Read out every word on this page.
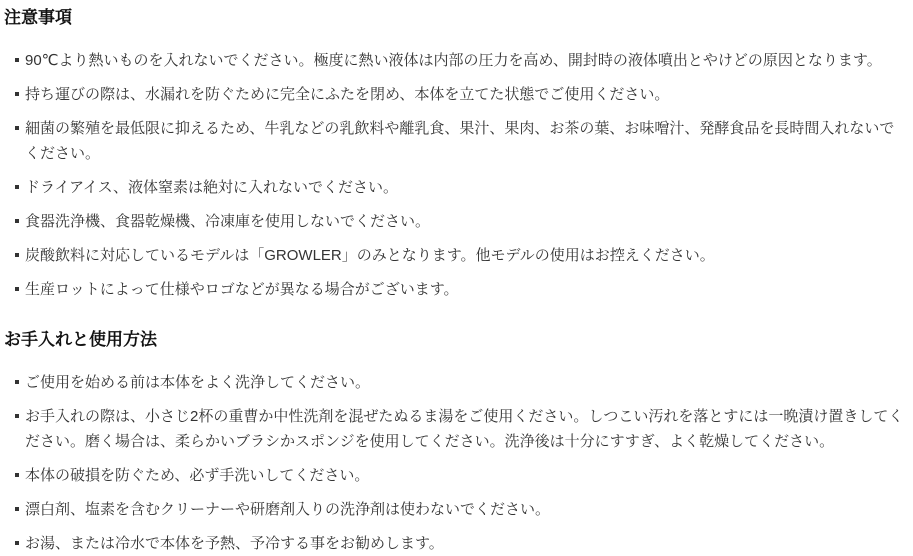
注意事項
90℃より熱いものを入れないでください。極度に熱い液体は内部の圧力を高め、開封時の液体噴出とやけどの原因となります。
持ち運びの際は、水漏れを防ぐために完全にふたを閉め、本体を立てた状態でご使用ください。
細菌の繁殖を最低限に抑えるため、牛乳などの乳飲料や離乳食、果汁、果肉、お茶の葉、お味噌汁、発酵食品を長時間入れないでください。
ドライアイス、液体窒素は絶対に入れないでください。
食器洗浄機、食器乾燥機、冷凍庫を使用しないでください。
炭酸飲料に対応しているモデルは「GROWLER」のみとなります。他モデルの使用はお控えください。
生産ロットによって仕様やロゴなどが異なる場合がございます。
お手入れと使用方法
ご使用を始める前は本体をよく洗浄してください。
お手入れの際は、小さじ2杯の重曹か中性洗剤を混ぜたぬるま湯をご使用ください。しつこい汚れを落とすには一晩漬け置きしてください。磨く場合は、柔らかいブラシかスポンジを使用してください。洗浄後は十分にすすぎ、よく乾燥してください。
本体の破損を防ぐため、必ず手洗いしてください。
漂白剤、塩素を含むクリーナーや研磨剤入りの洗浄剤は使わないでください。
お湯、または冷水で本体を予熱、予冷する事をお勧めします。
